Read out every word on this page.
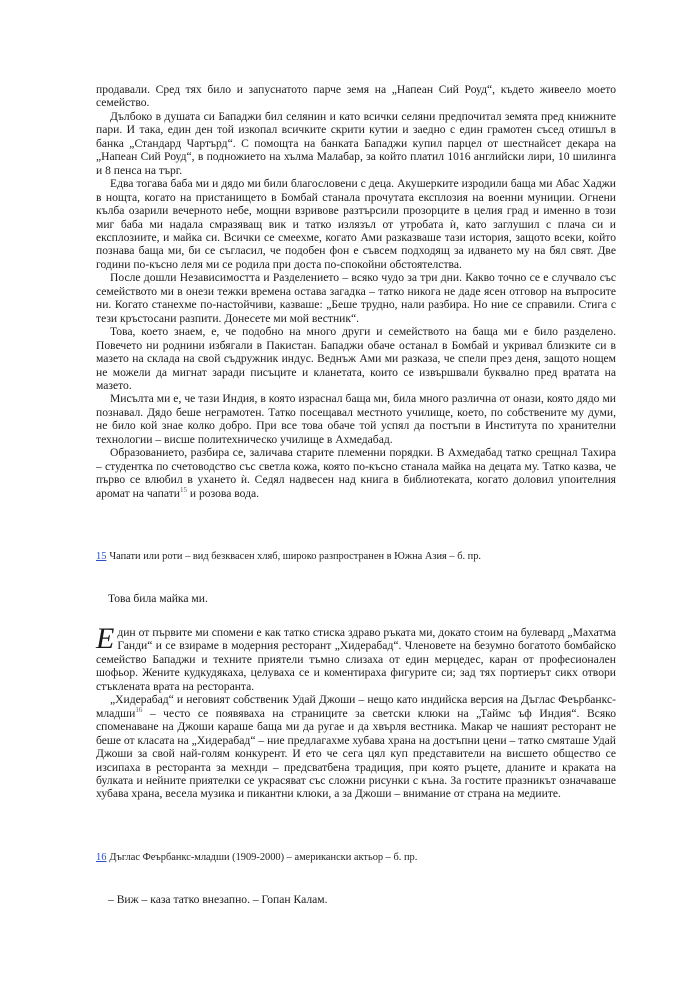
продавали. Сред тях било и запуснатото парче земя на „Напеан Сий Роуд“, където живеело моето семейство.

Дълбоко в душата си Бападжи бил селянин и като всички селяни предпочитал земята пред книжните пари. И така, един ден той изкопал всичките скрити кутии и заедно с един грамотен съсед отишъл в банка „Стандард Чартърд“. С помощта на банката Бападжи купил парцел от шестнайсет декара на „Напеан Сий Роуд“, в подножието на хълма Малабар, за който платил 1016 английски лири, 10 шилинга и 8 пенса на търг.

Едва тогава баба ми и дядо ми били благословени с деца. Акушерките изродили баща ми Абас Хаджи в нощта, когато на пристанището в Бомбай станала прочутата експлозия на военни муниции. Огнени кълба озарили вечерното небе, мощни взривове разтърсили прозорците в целия град и именно в този миг баба ми надала смразяващ вик и татко излязъл от утробата ѝ, като заглушил с плача си и експлозиите, и майка си. Всички се смеехме, когато Ами разказваше тази история, защото всеки, който познава баща ми, би се съгласил, че подобен фон е съвсем подходящ за идването му на бял свят. Две години по-късно леля ми се родила при доста по-спокойни обстоятелства.

После дошли Независимостта и Разделението – всяко чудо за три дни. Какво точно се е случвало със семейството ми в онези тежки времена остава загадка – татко никога не даде ясен отговор на въпросите ни. Когато станехме по-настойчиви, казваше: „Беше трудно, нали разбира. Но ние се справили. Стига с тези кръстосани разпити. Донесете ми мой вестник“.

Това, което знаем, е, че подобно на много други и семейството на баща ми е било разделено. Повечето ни роднини избягали в Пакистан. Бападжи обаче останал в Бомбай и укривал близките си в мазето на склада на свой съдружник индус. Веднъж Ами ми разказа, че спели през деня, защото нощем не можели да мигнат заради писъците и кланетата, които се извършвали буквално пред вратата на мазето.

Мисълта ми е, че тази Индия, в която израснал баща ми, била много различна от онази, която дядо ми познавал. Дядо беше неграмотен. Татко посещавал местното училище, което, по собствените му думи, не било кой знае колко добро. При все това обаче той успял да постъпи в Института по хранителни технологии – висше политехническо училище в Ахмедабад.

Образованието, разбира се, заличава старите племенни порядки. В Ахмедабад татко срещнал Тахира – студентка по счетоводство със светла кожа, която по-късно станала майка на децата му. Татко казва, че първо се влюбил в ухането ѝ. Седял надвесен над книга в библиотеката, когато доловил упоителния аромат на чапати$^{15}$ и розова вода.

15 Чапати или роти – вид безквасен хляб, широко разпространен в Южна Азия – б. пр.

Това била майка ми.

Един от първите ми спомени е как татко стиска здраво ръката ми, докато стоим на булевард „Махатма Ганди“ и се взираме в модерния ресторант „Хидерабад“. Членовете на безумно богатото бомбайско семейство Бападжи и техните приятели тъмно слизаха от един мерцедес, каран от професионален шофьор. Жените кудкудякаха, целуваха се и коментираха фигурите си; зад тях портиерът сикх отвори стъклената врата на ресторанта.

„Хидерабад“ и неговият собственик Удай Джоши – нещо като индийска версия на Дъглас Феърбанкс-младши$^{16}$ – често се появяваха на страниците за светски клюки на „Таймс ъф Индия“. Всяко споменаване на Джоши караше баща ми да ругае и да хвърля вестника. Макар че нашият ресторант не беше от класата на „Хидерабад“ – ние предлагахме хубава храна на достъпни цени – татко смяташе Удай Джоши за свой най-голям конкурент. И ето че сега цял куп представители на висшето общество се изсипаха в ресторанта за мехнди – предсватбена традиция, при която ръцете, дланите и краката на булката и нейните приятелки се украсяват със сложни рисунки с къна. За гостите празникът означаваше хубава храна, весела музика и пикантни клюки, а за Джоши – внимание от страна на медиите.

16 Дъглас Феърбанкс-младши (1909-2000) – американски актьор – б. пр.

– Виж – каза татко внезапно. – Гопан Калам.
